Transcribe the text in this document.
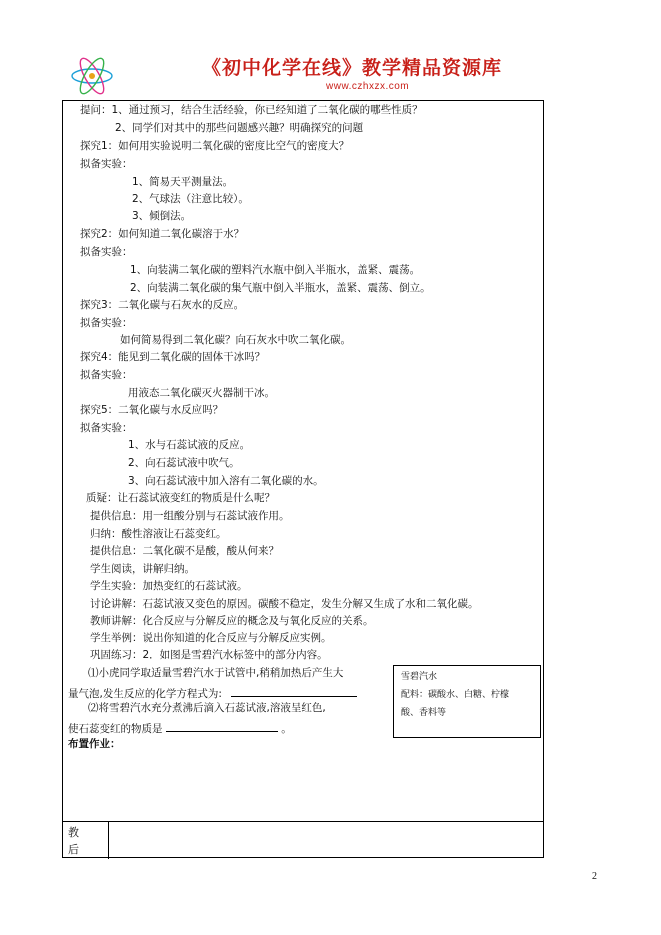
《初中化学在线》教学精品资源库
www.czhxzx.com
提问：1、通过预习，结合生活经验，你已经知道了二氧化碳的哪些性质？
2、同学们对其中的那些问题感兴趣？明确探究的问题
探究1：如何用实验说明二氧化碳的密度比空气的密度大？
拟备实验：
1、简易天平测量法。
2、气球法（注意比较）。
3、倾倒法。
探究2：如何知道二氧化碳溶于水？
拟备实验：
1、向装满二氧化碳的塑料汽水瓶中倒入半瓶水，盖紧、震荡。
2、向装满二氧化碳的集气瓶中倒入半瓶水，盖紧、震荡、倒立。
探究3：二氧化碳与石灰水的反应。
拟备实验：
如何简易得到二氧化碳？向石灰水中吹二氧化碳。
探究4：能见到二氧化碳的固体干冰吗？
拟备实验：
用液态二氧化碳灭火器制干冰。
探究5：二氧化碳与水反应吗？
拟备实验：
1、水与石蕊试液的反应。
2、向石蕊试液中吹气。
3、向石蕊试液中加入溶有二氧化碳的水。
质疑：让石蕊试液变红的物质是什么呢？
提供信息：用一组酸分别与石蕊试液作用。
归纳：酸性溶液让石蕊变红。
提供信息：二氧化碳不是酸，酸从何来？
学生阅读，讲解归纳。
学生实验：加热变红的石蕊试液。
讨论讲解：石蕊试液又变色的原因。碳酸不稳定，发生分解又生成了水和二氧化碳。
教师讲解：化合反应与分解反应的概念及与氧化反应的关系。
学生举例：说出你知道的化合反应与分解反应实例。
巩固练习：2．如图是雪碧汽水标签中的部分内容。
⑴小虎同学取适量雪碧汽水于试管中,稍稍加热后产生大
量气泡,发生反应的化学方程式为:
⑵将雪碧汽水充分煮沸后滴入石蕊试液,溶液呈红色,
使石蕊变红的物质是	。
布置作业：
雪碧汽水
配料：碳酸水、白糖、柠檬
酸、香料等
教
后
2
